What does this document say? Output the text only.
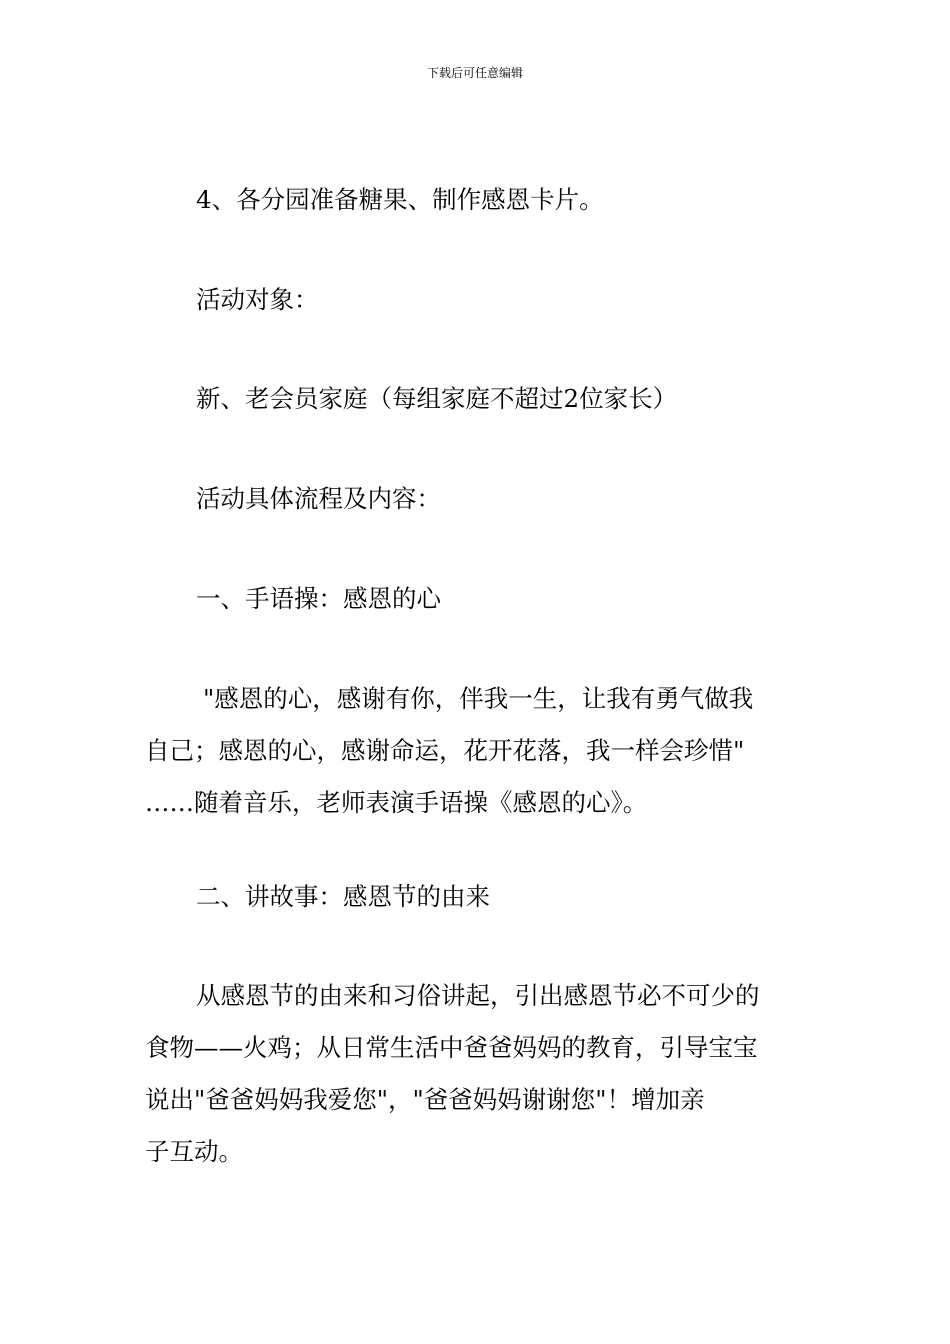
下载后可任意编辑

4、各分园准备糖果、制作感恩卡片。

活动对象：

新、老会员家庭（每组家庭不超过2位家长）

活动具体流程及内容：

一、手语操：感恩的心

"感恩的心，感谢有你，伴我一生，让我有勇气做我
自己；感恩的心，感谢命运，花开花落，我一样会珍惜"
……随着音乐，老师表演手语操《感恩的心》。

二、讲故事：感恩节的由来

从感恩节的由来和习俗讲起，引出感恩节必不可少的
食物——火鸡；从日常生活中爸爸妈妈的教育，引导宝宝
说出"爸爸妈妈我爱您"，"爸爸妈妈谢谢您"！增加亲
子互动。
